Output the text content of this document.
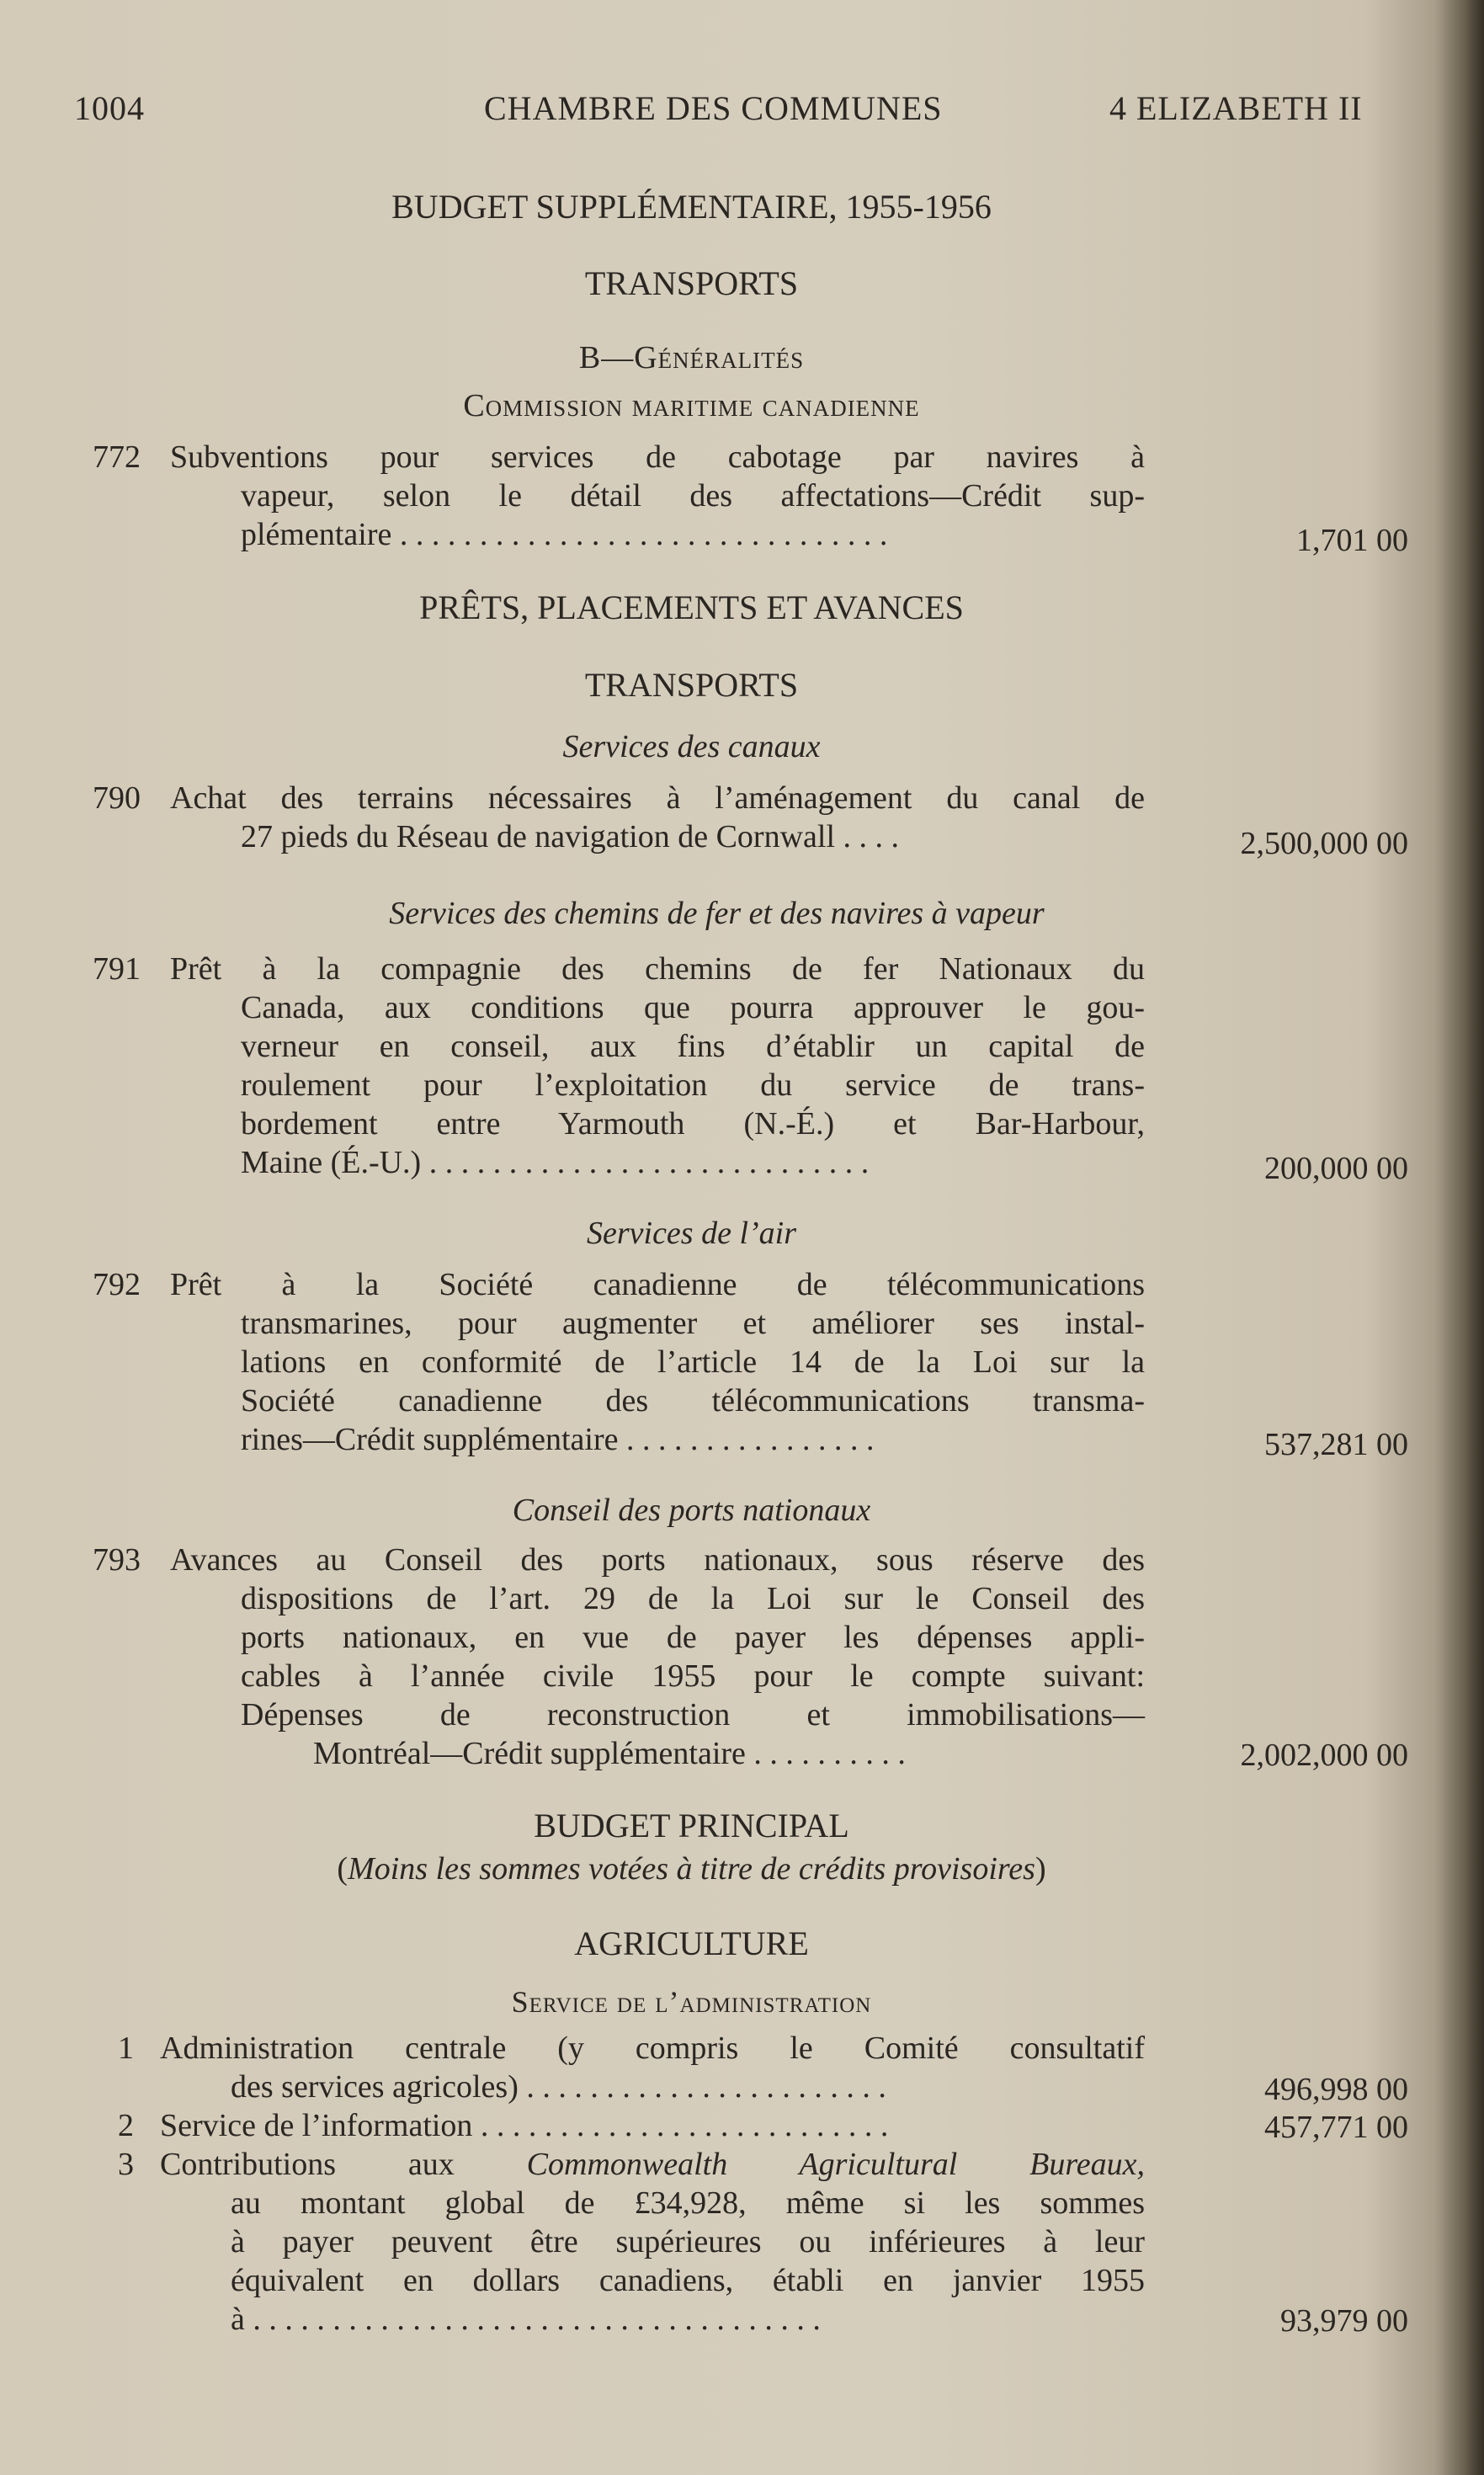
1004	CHAMBRE DES COMMUNES	4 ELIZABETH II
BUDGET SUPPLÉMENTAIRE, 1955-1956
TRANSPORTS
B—Généralités
Commission maritime canadienne
772 Subventions pour services de cabotage par navires à
vapeur, selon le détail des affectations—Crédit sup-
plémentaire . . . . . . . . . . . . . . . . . . . . . . . . . . . . . . .	1,701 00
PRÊTS, PLACEMENTS ET AVANCES
TRANSPORTS
Services des canaux
790 Achat des terrains nécessaires à l’aménagement du canal de
27 pieds du Réseau de navigation de Cornwall . . . .	2,500,000 00
Services des chemins de fer et des navires à vapeur
791 Prêt à la compagnie des chemins de fer Nationaux du
Canada, aux conditions que pourra approuver le gou-
verneur en conseil, aux fins d’établir un capital de
roulement pour l’exploitation du service de trans-
bordement entre Yarmouth (N.-É.) et Bar-Harbour,
Maine (É.-U.) . . . . . . . . . . . . . . . . . . . . . . . . . . . .	200,000 00
Services de l’air
792 Prêt à la Société canadienne de télécommunications
transmarines, pour augmenter et améliorer ses instal-
lations en conformité de l’article 14 de la Loi sur la
Société canadienne des télécommunications transma-
rines—Crédit supplémentaire . . . . . . . . . . . . . . . .	537,281 00
Conseil des ports nationaux
793 Avances au Conseil des ports nationaux, sous réserve des
dispositions de l’art. 29 de la Loi sur le Conseil des
ports nationaux, en vue de payer les dépenses appli-
cables à l’année civile 1955 pour le compte suivant:
Dépenses de reconstruction et immobilisations—
Montréal—Crédit supplémentaire . . . . . . . . . .	2,002,000 00
BUDGET PRINCIPAL
(Moins les sommes votées à titre de crédits provisoires)
AGRICULTURE
Service de l’administration
1 Administration centrale (y compris le Comité consultatif
des services agricoles) . . . . . . . . . . . . . . . . . . . . . . .	496,998 00
2 Service de l’information . . . . . . . . . . . . . . . . . . . . . . . . . .	457,771 00
3 Contributions aux Commonwealth Agricultural Bureaux,
au montant global de £34,928, même si les sommes
à payer peuvent être supérieures ou inférieures à leur
équivalent en dollars canadiens, établi en janvier 1955
à . . . . . . . . . . . . . . . . . . . . . . . . . . . . . . . . . . . .	93,979 00
